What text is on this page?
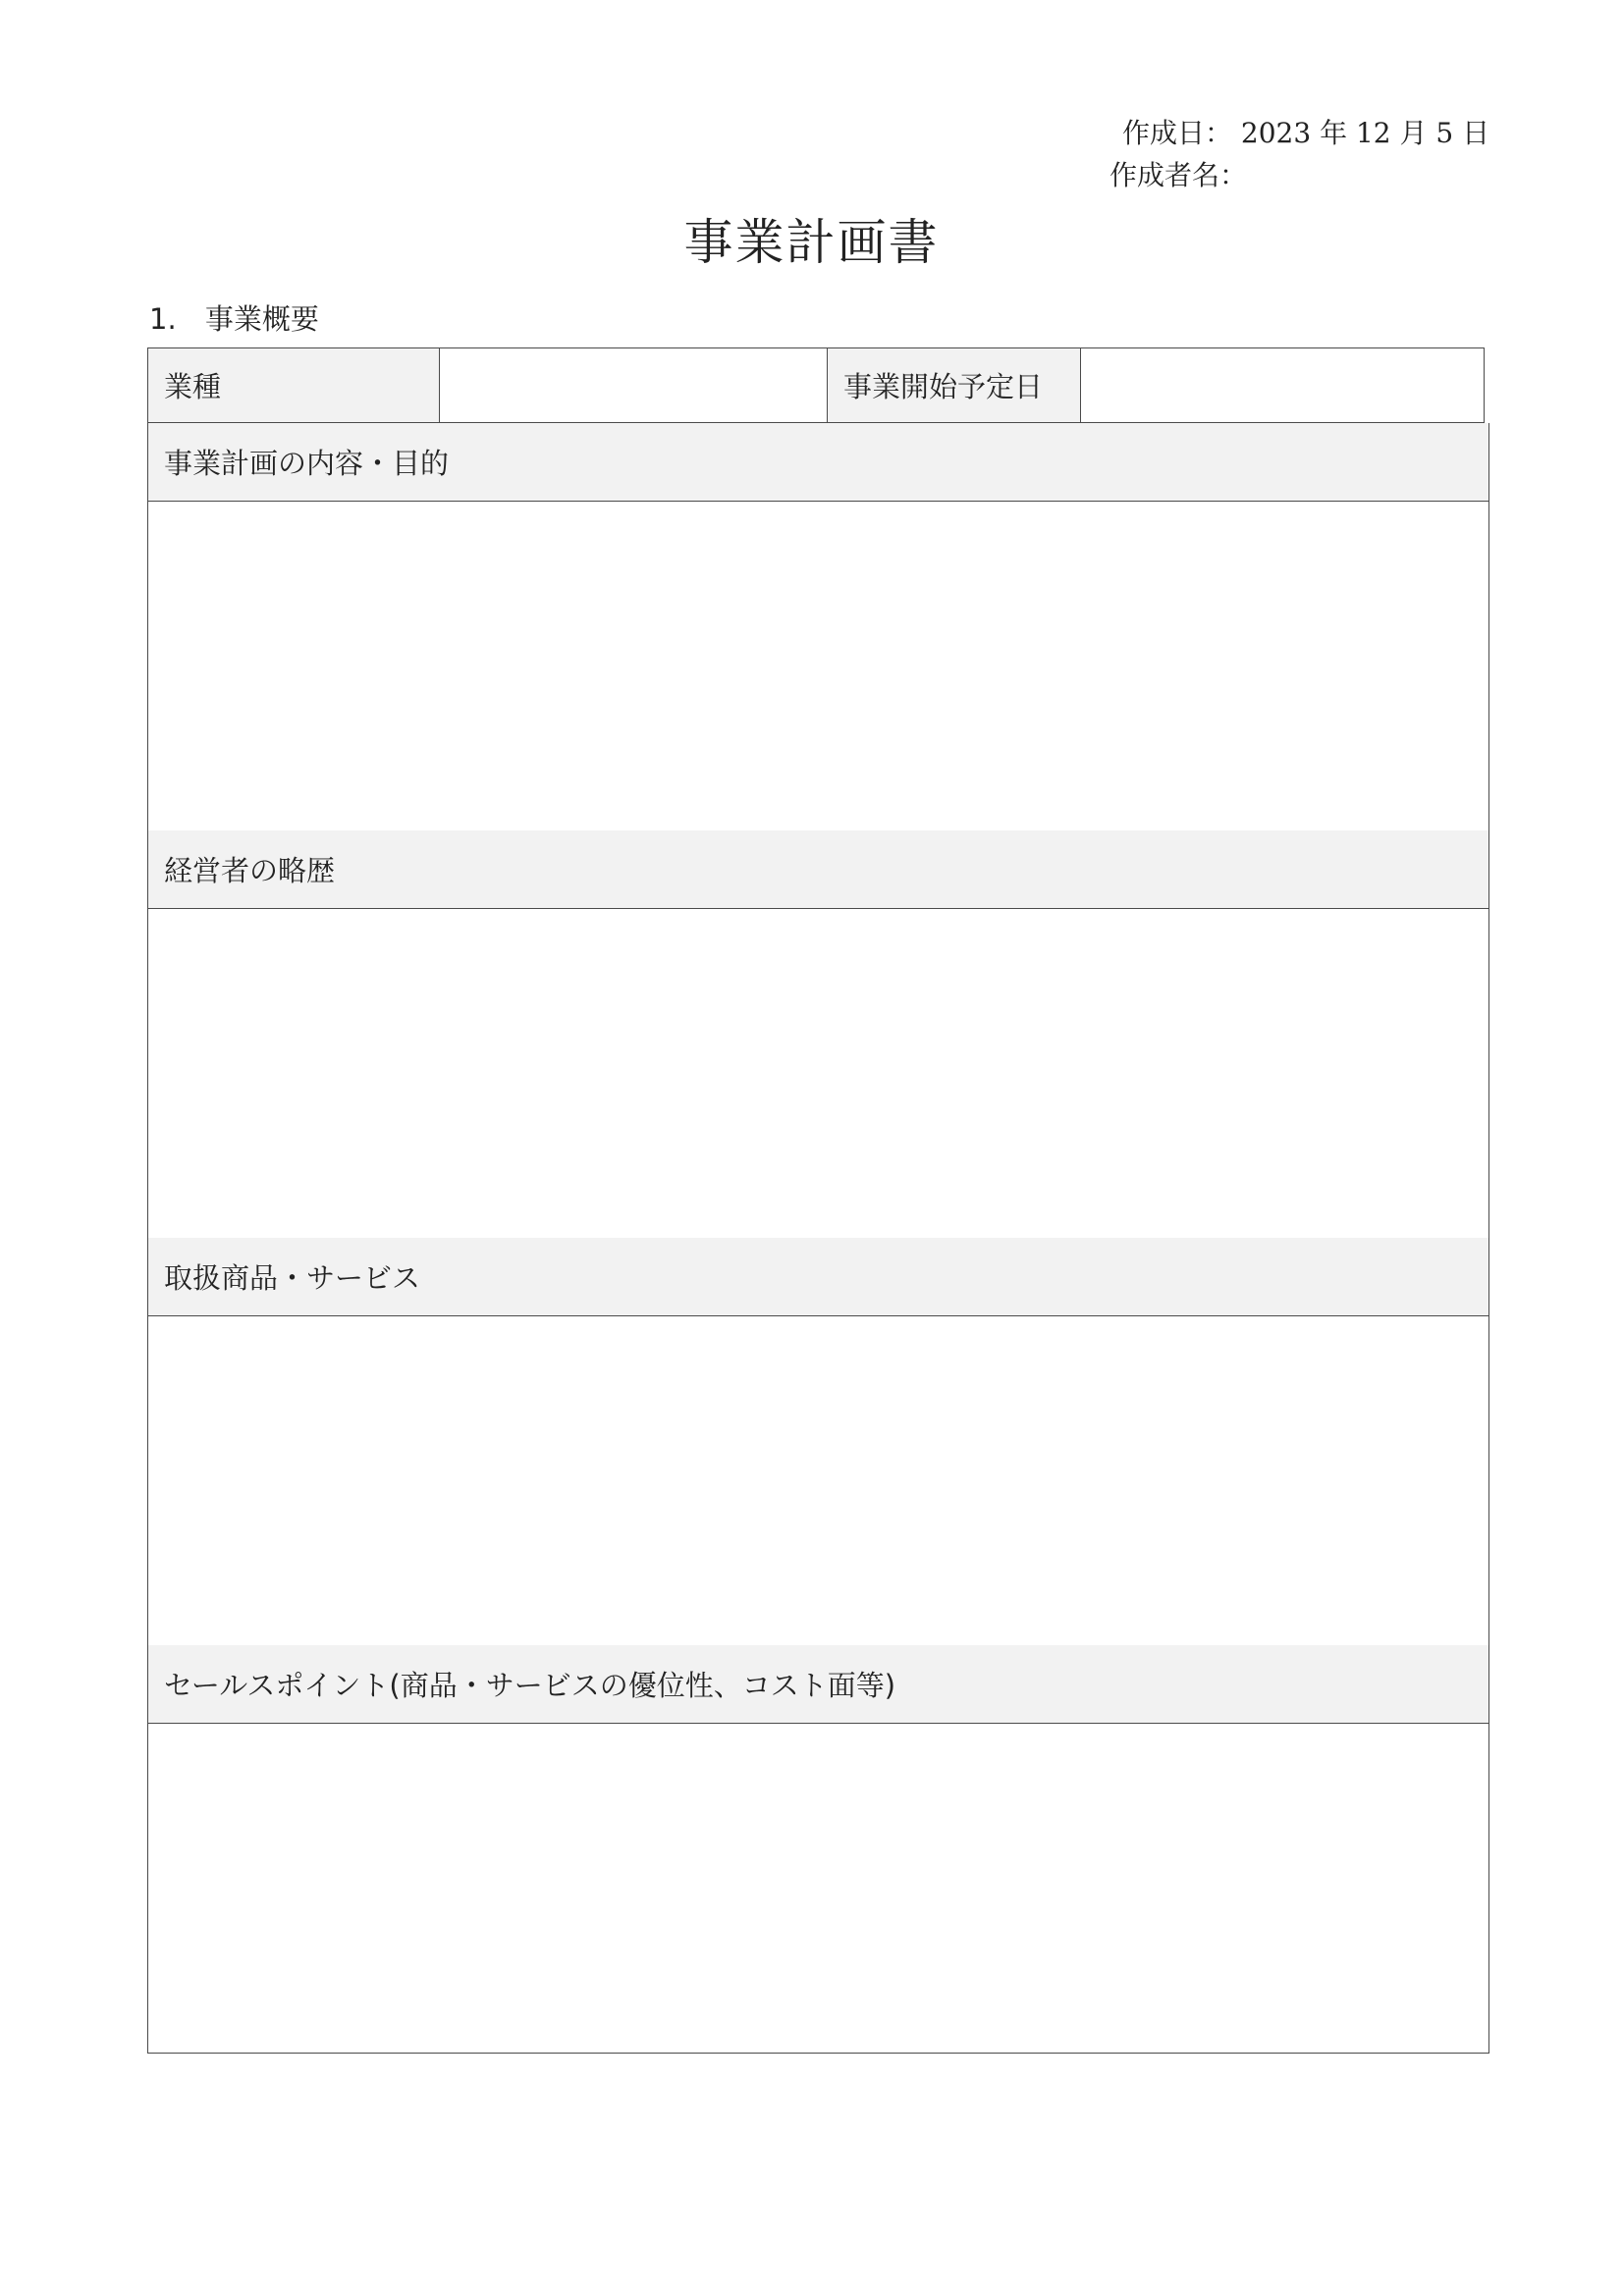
作成日： 2023 年 12 月 5 日
作成者名：
事業計画書
1. 事業概要
業種	事業開始予定日
事業計画の内容・目的
経営者の略歴
取扱商品・サービス
セールスポイント(商品・サービスの優位性、コスト面等)
